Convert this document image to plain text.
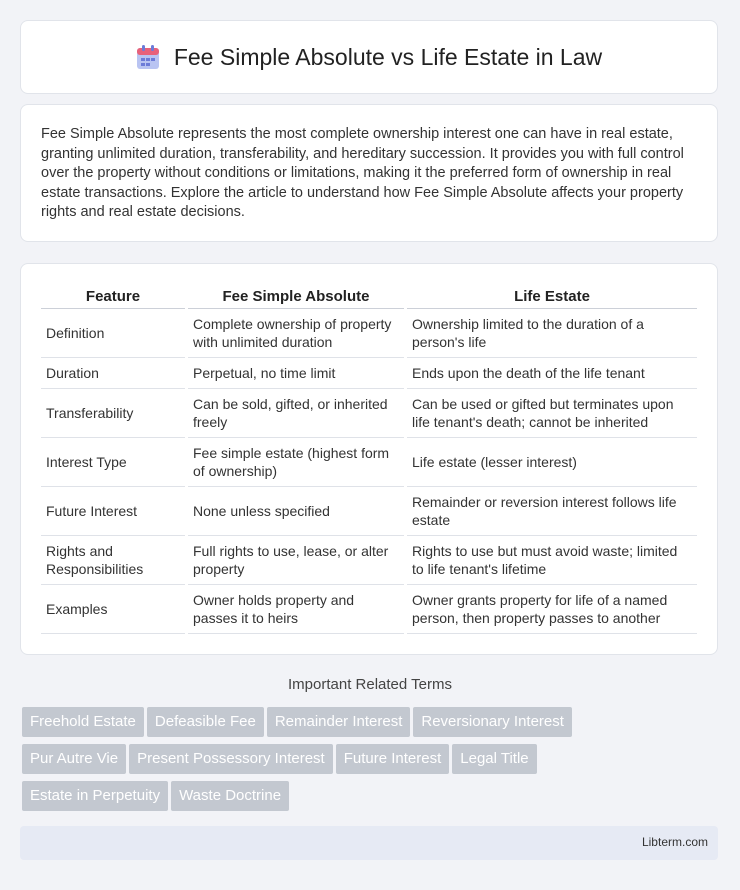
Fee Simple Absolute vs Life Estate in Law
Fee Simple Absolute represents the most complete ownership interest one can have in real estate, granting unlimited duration, transferability, and hereditary succession. It provides you with full control over the property without conditions or limitations, making it the preferred form of ownership in real estate transactions. Explore the article to understand how Fee Simple Absolute affects your property rights and real estate decisions.
Feature	Fee Simple Absolute	Life Estate
Definition	Complete ownership of property with unlimited duration	Ownership limited to the duration of a person's life
Duration	Perpetual, no time limit	Ends upon the death of the life tenant
Transferability	Can be sold, gifted, or inherited freely	Can be used or gifted but terminates upon life tenant's death; cannot be inherited
Interest Type	Fee simple estate (highest form of ownership)	Life estate (lesser interest)
Future Interest	None unless specified	Remainder or reversion interest follows life estate
Rights and Responsibilities	Full rights to use, lease, or alter property	Rights to use but must avoid waste; limited to life tenant's lifetime
Examples	Owner holds property and passes it to heirs	Owner grants property for life of a named person, then property passes to another
Important Related Terms
Freehold Estate Defeasible Fee Remainder Interest Reversionary Interest
Pur Autre Vie Present Possessory Interest Future Interest Legal Title
Estate in Perpetuity Waste Doctrine
Libterm.com
